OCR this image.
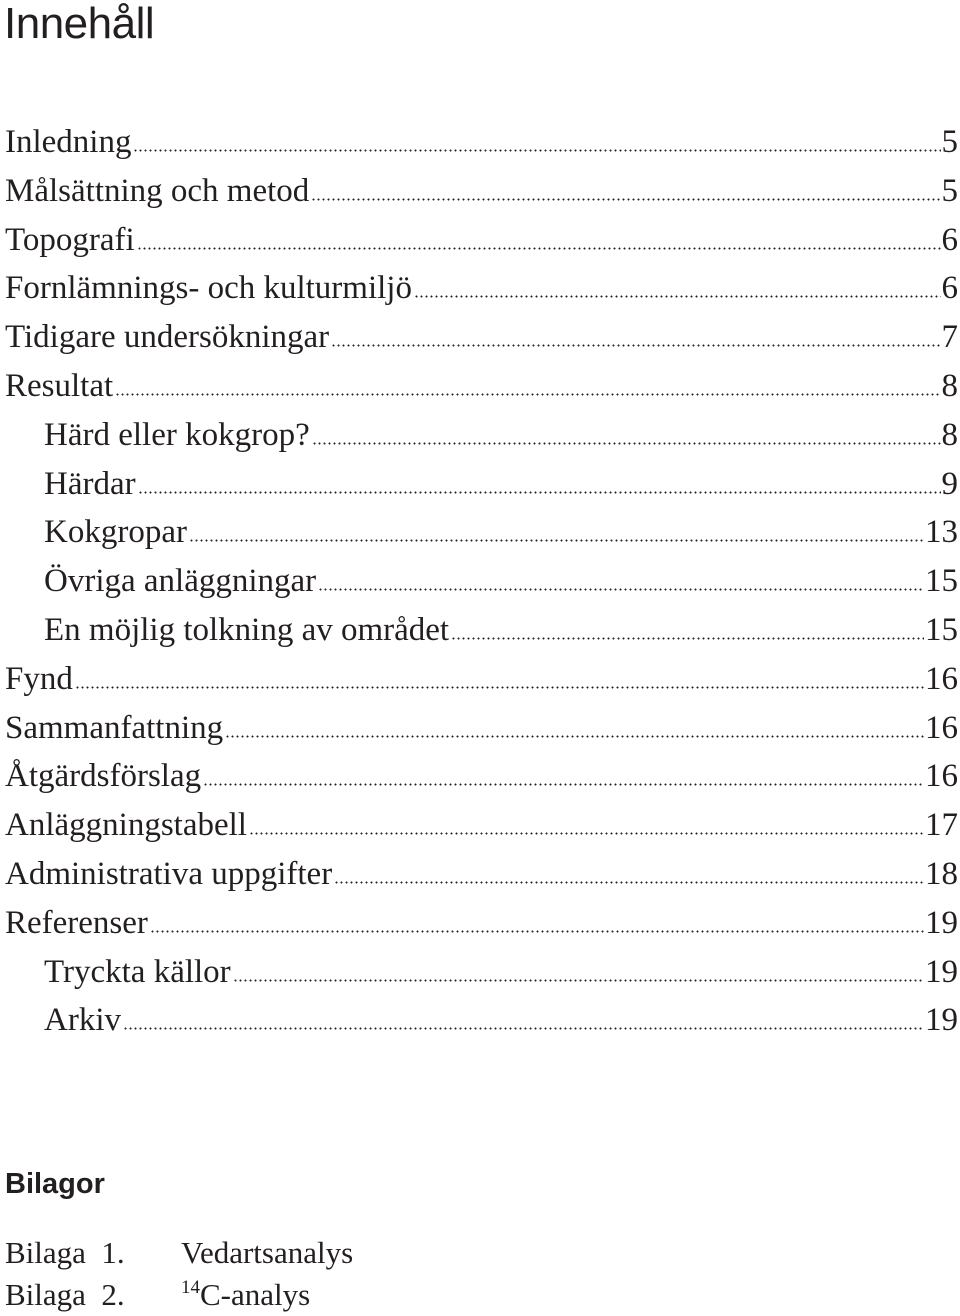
Innehåll
Inledning	5
Målsättning och metod	5
Topografi	6
Fornlämnings- och kulturmiljö	6
Tidigare undersökningar	7
Resultat	8
Härd eller kokgrop?	8
Härdar	9
Kokgropar	13
Övriga anläggningar	15
En möjlig tolkning av området	15
Fynd	16
Sammanfattning	16
Åtgärdsförslag	16
Anläggningstabell	17
Administrativa uppgifter	18
Referenser	19
Tryckta källor	19
Arkiv	19
Bilagor
Bilaga  1. Vedartsanalys
Bilaga  2.	$^{14}$C-analys
